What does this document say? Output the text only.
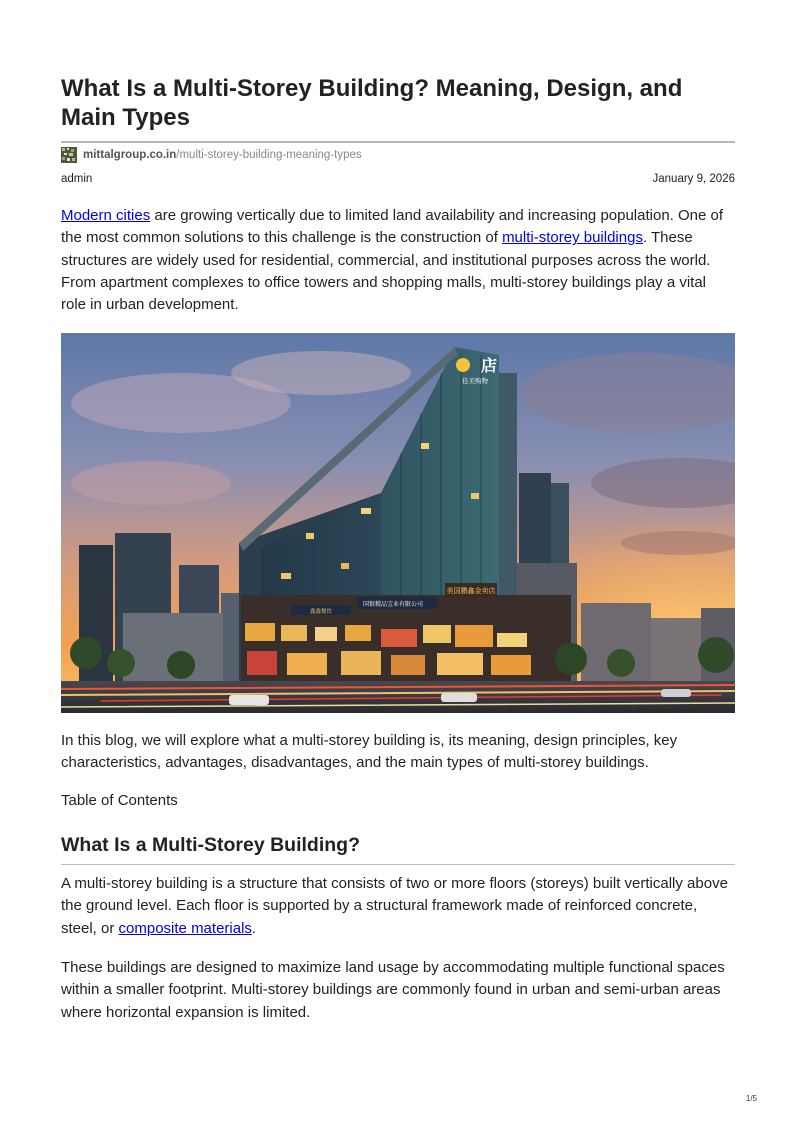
What Is a Multi-Storey Building? Meaning, Design, and Main Types
mittalgroup.co.in /multi-storey-building-meaning-types
admin	January 9, 2026

Modern cities are growing vertically due to limited land availability and increasing population. One of the most common solutions to this challenge is the construction of multi-storey buildings. These structures are widely used for residential, commercial, and institutional purposes across the world. From apartment complexes to office towers and shopping malls, multi-storey buildings play a vital role in urban development.

国银精品宝业有限公司
美国鹏鑫金卖店
鑫鑫餐饮
店
佳美购物

In this blog, we will explore what a multi-storey building is, its meaning, design principles, key characteristics, advantages, disadvantages, and the main types of multi-storey buildings.

Table of Contents

What Is a Multi-Storey Building?

A multi-storey building is a structure that consists of two or more floors (storeys) built vertically above the ground level. Each floor is supported by a structural framework made of reinforced concrete, steel, or composite materials.

These buildings are designed to maximize land usage by accommodating multiple functional spaces within a smaller footprint. Multi-storey buildings are commonly found in urban and semi-urban areas where horizontal expansion is limited.

1/5
